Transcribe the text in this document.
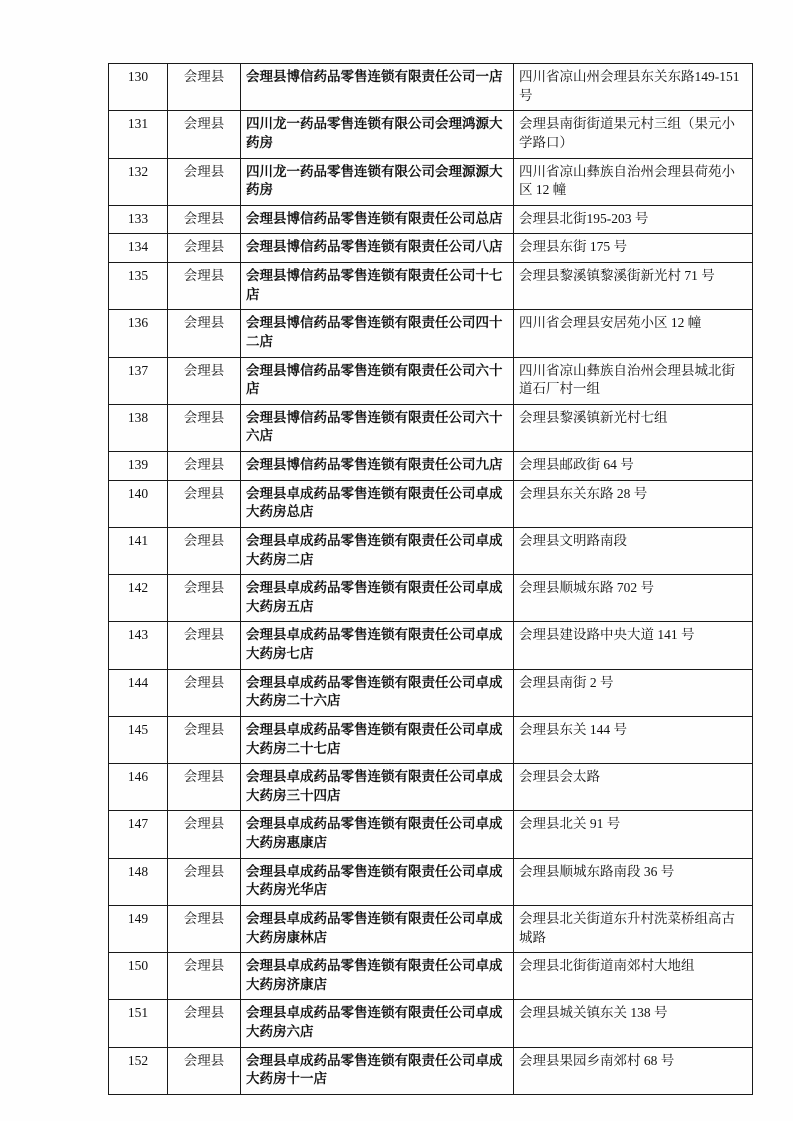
130	会理县	会理县博信药品零售连锁有限责任公司一店	四川省凉山州会理县东关东路149-151 号
131	会理县	四川龙一药品零售连锁有限公司会理鸿源大药房	会理县南街街道果元村三组（果元小学路口）
132	会理县	四川龙一药品零售连锁有限公司会理源源大药房	四川省凉山彝族自治州会理县荷苑小区 12 幢
133	会理县	会理县博信药品零售连锁有限责任公司总店	会理县北街195-203 号
134	会理县	会理县博信药品零售连锁有限责任公司八店	会理县东街 175 号
135	会理县	会理县博信药品零售连锁有限责任公司十七店	会理县黎溪镇黎溪街新光村 71 号
136	会理县	会理县博信药品零售连锁有限责任公司四十二店	四川省会理县安居苑小区 12 幢
137	会理县	会理县博信药品零售连锁有限责任公司六十店	四川省凉山彝族自治州会理县城北街道石厂村一组
138	会理县	会理县博信药品零售连锁有限责任公司六十六店	会理县黎溪镇新光村七组
139	会理县	会理县博信药品零售连锁有限责任公司九店	会理县邮政街 64 号
140	会理县	会理县卓成药品零售连锁有限责任公司卓成大药房总店	会理县东关东路 28 号
141	会理县	会理县卓成药品零售连锁有限责任公司卓成大药房二店	会理县文明路南段
142	会理县	会理县卓成药品零售连锁有限责任公司卓成大药房五店	会理县顺城东路 702 号
143	会理县	会理县卓成药品零售连锁有限责任公司卓成大药房七店	会理县建设路中央大道 141 号
144	会理县	会理县卓成药品零售连锁有限责任公司卓成大药房二十六店	会理县南街 2 号
145	会理县	会理县卓成药品零售连锁有限责任公司卓成大药房二十七店	会理县东关 144 号
146	会理县	会理县卓成药品零售连锁有限责任公司卓成大药房三十四店	会理县会太路
147	会理县	会理县卓成药品零售连锁有限责任公司卓成大药房惠康店	会理县北关 91 号
148	会理县	会理县卓成药品零售连锁有限责任公司卓成大药房光华店	会理县顺城东路南段 36 号
149	会理县	会理县卓成药品零售连锁有限责任公司卓成大药房康林店	会理县北关街道东升村洗菜桥组高古城路
150	会理县	会理县卓成药品零售连锁有限责任公司卓成大药房济康店	会理县北街街道南郊村大地组
151	会理县	会理县卓成药品零售连锁有限责任公司卓成大药房六店	会理县城关镇东关 138 号
152	会理县	会理县卓成药品零售连锁有限责任公司卓成大药房十一店	会理县果园乡南郊村 68 号
